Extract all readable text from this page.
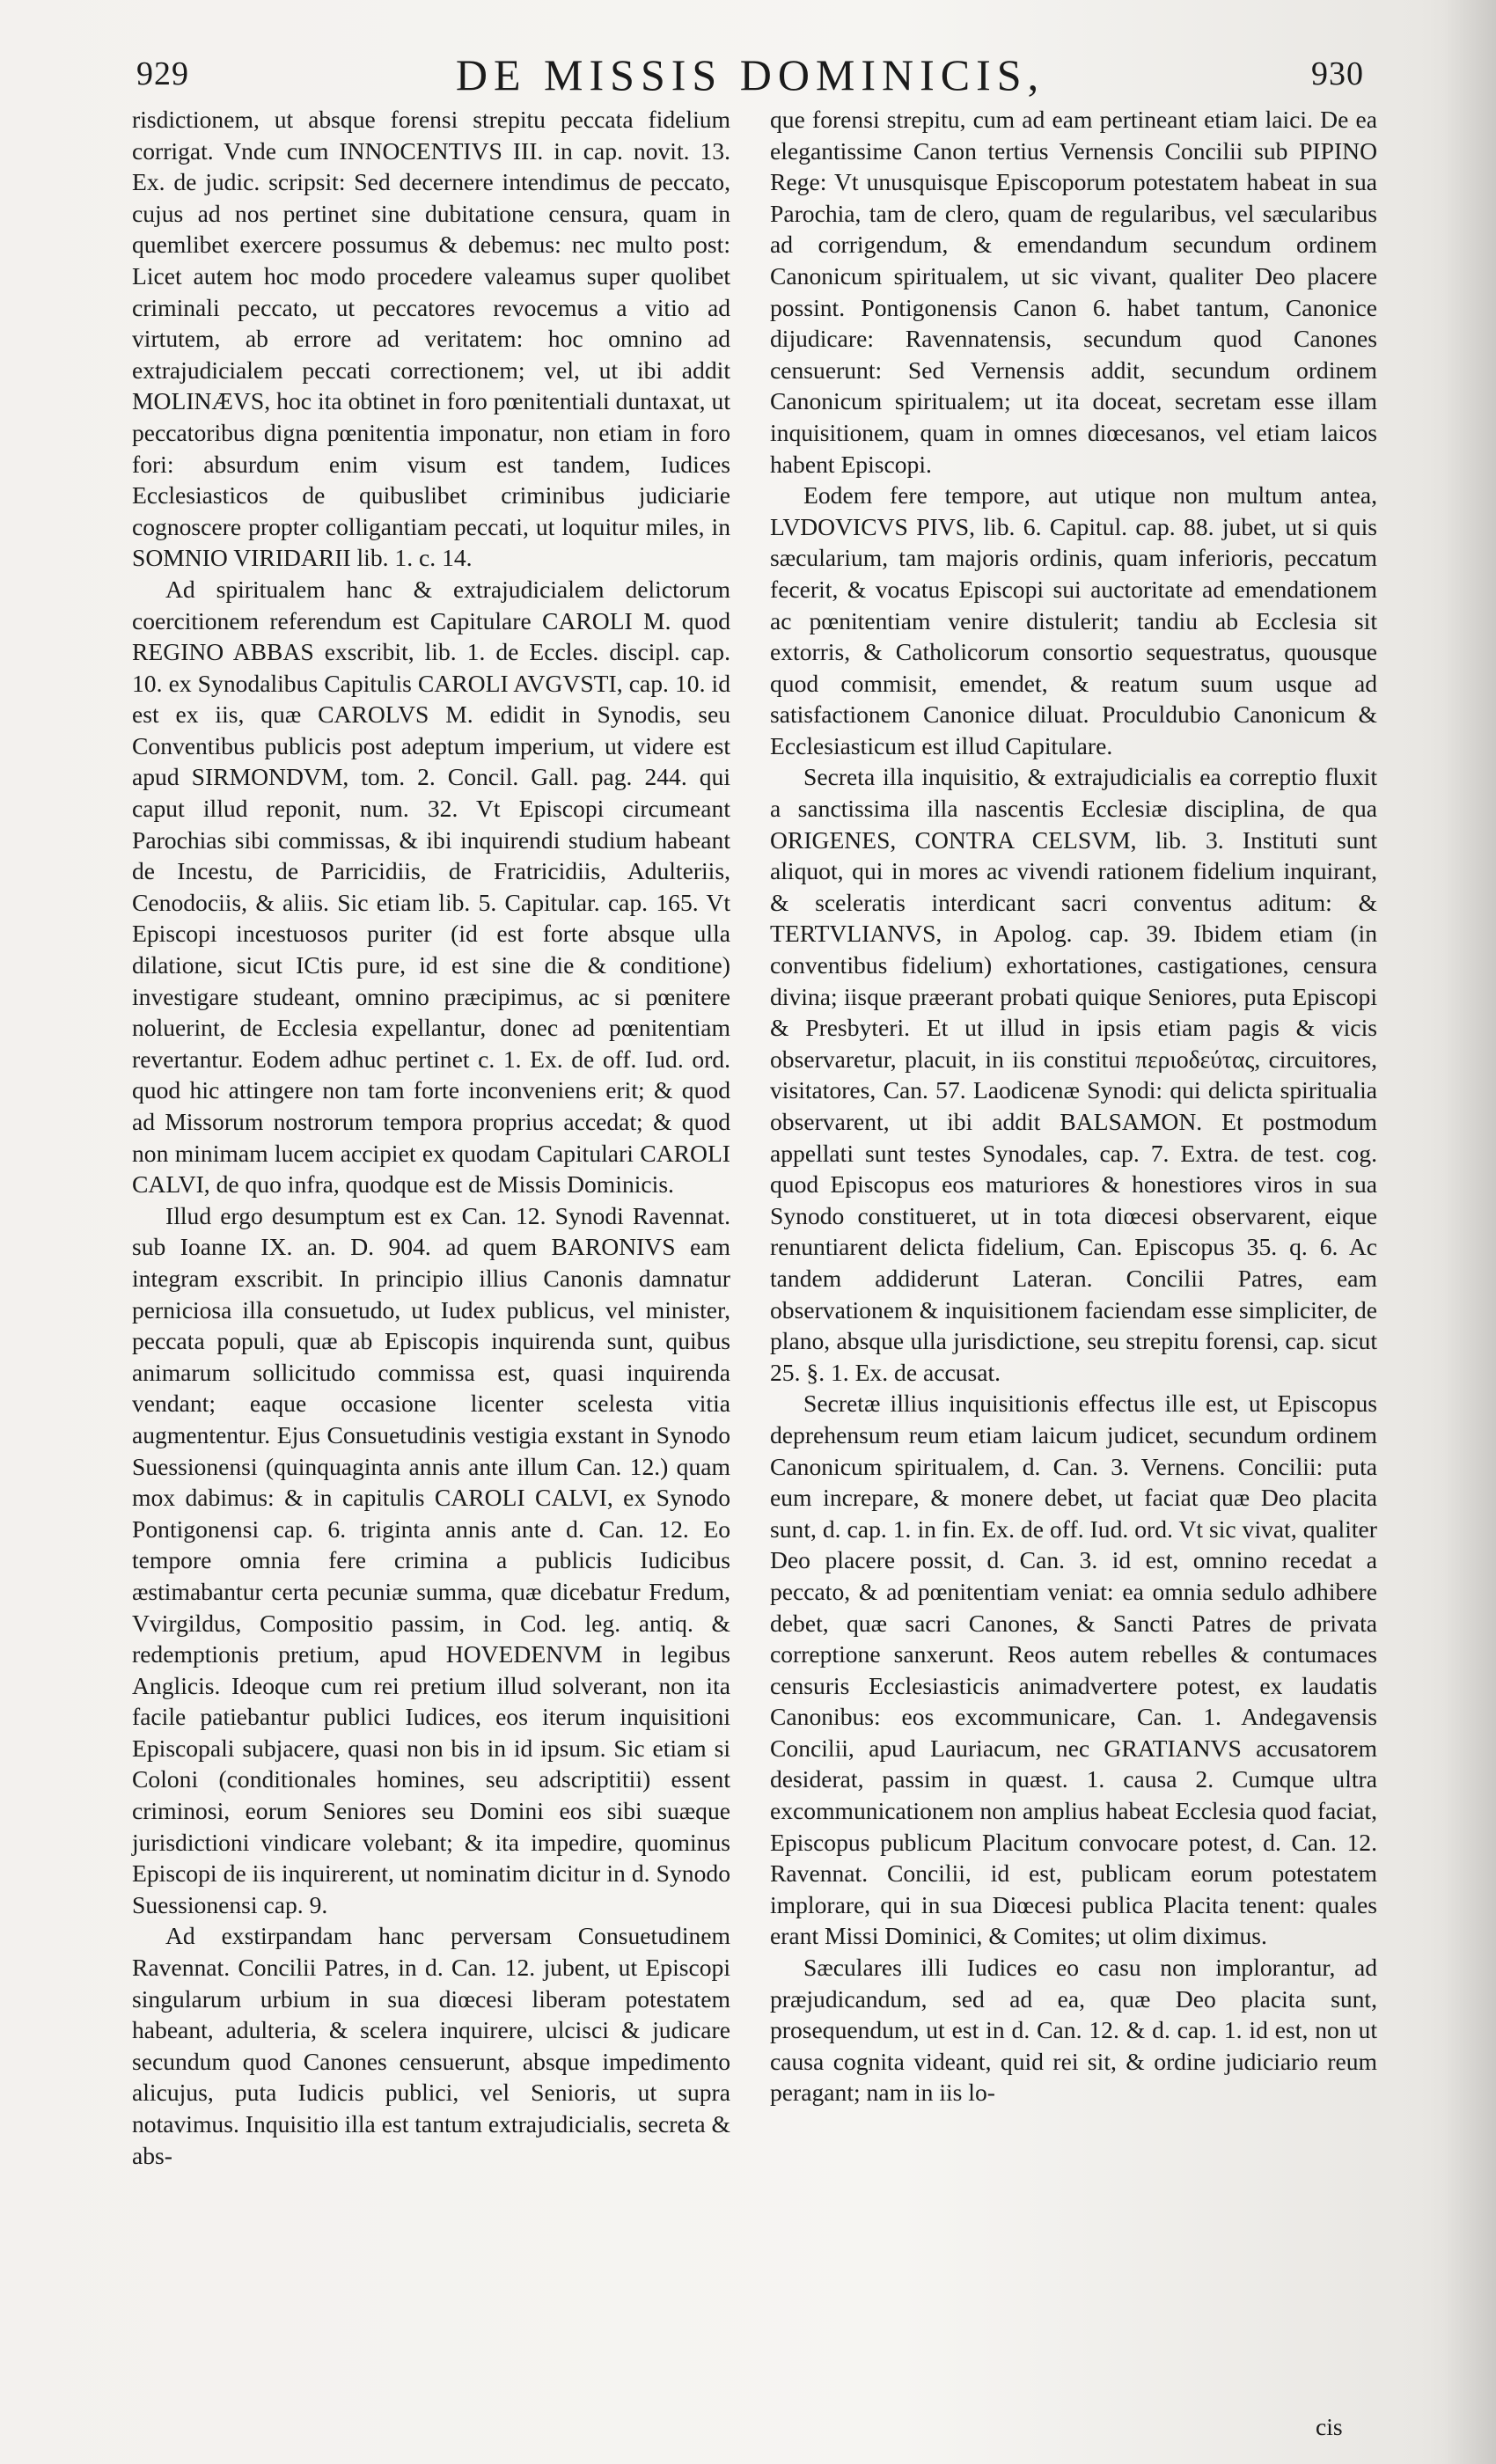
929	DE MISSIS DOMINICIS,	930

risdictionem, ut absque forensi strepitu peccata fidelium corrigat. Vnde cum INNOCENTIVS III. in cap. novit. 13. Ex. de judic. scripsit: Sed decernere intendimus de peccato, cujus ad nos pertinet sine dubitatione censura, quam in quemlibet exercere possumus & debemus: nec multo post: Licet autem hoc modo procedere valeamus super quolibet criminali peccato, ut peccatores revocemus a vitio ad virtutem, ab errore ad veritatem: hoc omnino ad extrajudicialem peccati correctionem; vel, ut ibi addit MOLINÆVS, hoc ita obtinet in foro pœnitentiali duntaxat, ut peccatoribus digna pœnitentia imponatur, non etiam in foro fori: absurdum enim visum est tandem, Iudices Ecclesiasticos de quibuslibet criminibus judiciarie cognoscere propter colligantiam peccati, ut loquitur miles, in SOMNIO VIRIDARII lib. 1. c. 14.

Ad spiritualem hanc & extrajudicialem delictorum coercitionem referendum est Capitulare CAROLI M. quod REGINO ABBAS exscribit, lib. 1. de Eccles. discipl. cap. 10. ex Synodalibus Capitulis CAROLI AVGVSTI, cap. 10. id est ex iis, quæ CAROLVS M. edidit in Synodis, seu Conventibus publicis post adeptum imperium, ut videre est apud SIRMONDVM, tom. 2. Concil. Gall. pag. 244. qui caput illud reponit, num. 32. Vt Episcopi circumeant Parochias sibi commissas, & ibi inquirendi studium habeant de Incestu, de Parricidiis, de Fratricidiis, Adulteriis, Cenodociis, & aliis. Sic etiam lib. 5. Capitular. cap. 165. Vt Episcopi incestuosos puriter (id est forte absque ulla dilatione, sicut ICtis pure, id est sine die & conditione) investigare studeant, omnino præcipimus, ac si pœnitere noluerint, de Ecclesia expellantur, donec ad pœnitentiam revertantur. Eodem adhuc pertinet c. 1. Ex. de off. Iud. ord. quod hic attingere non tam forte inconveniens erit; & quod ad Missorum nostrorum tempora proprius accedat; & quod non minimam lucem accipiet ex quodam Capitulari CAROLI CALVI, de quo infra, quodque est de Missis Dominicis.

Illud ergo desumptum est ex Can. 12. Synodi Ravennat. sub Ioanne IX. an. D. 904. ad quem BARONIVS eam integram exscribit. In principio illius Canonis damnatur perniciosa illa consuetudo, ut Iudex publicus, vel minister, peccata populi, quæ ab Episcopis inquirenda sunt, quibus animarum sollicitudo commissa est, quasi inquirenda vendant; eaque occasione licenter scelesta vitia augmententur. Ejus Consuetudinis vestigia exstant in Synodo Suessionensi (quinquaginta annis ante illum Can. 12.) quam mox dabimus: & in capitulis CAROLI CALVI, ex Synodo Pontigonensi cap. 6. triginta annis ante d. Can. 12. Eo tempore omnia fere crimina a publicis Iudicibus æstimabantur certa pecuniæ summa, quæ dicebatur Fredum, Vvirgildus, Compositio passim, in Cod. leg. antiq. & redemptionis pretium, apud HOVEDENVM in legibus Anglicis. Ideoque cum rei pretium illud solverant, non ita facile patiebantur publici Iudices, eos iterum inquisitioni Episcopali subjacere, quasi non bis in id ipsum. Sic etiam si Coloni (conditionales homines, seu adscriptitii) essent criminosi, eorum Seniores seu Domini eos sibi suæque jurisdictioni vindicare volebant; & ita impedire, quominus Episcopi de iis inquirerent, ut nominatim dicitur in d. Synodo Suessionensi cap. 9.

Ad exstirpandam hanc perversam Consuetudinem Ravennat. Concilii Patres, in d. Can. 12. jubent, ut Episcopi singularum urbium in sua diœcesi liberam potestatem habeant, adulteria, & scelera inquirere, ulcisci & judicare secundum quod Canones censuerunt, absque impedimento alicujus, puta Iudicis publici, vel Senioris, ut supra notavimus. Inquisitio illa est tantum extrajudicialis, secreta & abs-

que forensi strepitu, cum ad eam pertineant etiam laici. De ea elegantissime Canon tertius Vernensis Concilii sub PIPINO Rege: Vt unusquisque Episcoporum potestatem habeat in sua Parochia, tam de clero, quam de regularibus, vel sæcularibus ad corrigendum, & emendandum secundum ordinem Canonicum spiritualem, ut sic vivant, qualiter Deo placere possint. Pontigonensis Canon 6. habet tantum, Canonice dijudicare: Ravennatensis, secundum quod Canones censuerunt: Sed Vernensis addit, secundum ordinem Canonicum spiritualem; ut ita doceat, secretam esse illam inquisitionem, quam in omnes diœcesanos, vel etiam laicos habent Episcopi.

Eodem fere tempore, aut utique non multum antea, LVDOVICVS PIVS, lib. 6. Capitul. cap. 88. jubet, ut si quis sæcularium, tam majoris ordinis, quam inferioris, peccatum fecerit, & vocatus Episcopi sui auctoritate ad emendationem ac pœnitentiam venire distulerit; tandiu ab Ecclesia sit extorris, & Catholicorum consortio sequestratus, quousque quod commisit, emendet, & reatum suum usque ad satisfactionem Canonice diluat. Proculdubio Canonicum & Ecclesiasticum est illud Capitulare.

Secreta illa inquisitio, & extrajudicialis ea correptio fluxit a sanctissima illa nascentis Ecclesiæ disciplina, de qua ORIGENES, CONTRA CELSVM, lib. 3. Instituti sunt aliquot, qui in mores ac vivendi rationem fidelium inquirant, & sceleratis interdicant sacri conventus aditum: & TERTVLIANVS, in Apolog. cap. 39. Ibidem etiam (in conventibus fidelium) exhortationes, castigationes, censura divina; iisque præerant probati quique Seniores, puta Episcopi & Presbyteri. Et ut illud in ipsis etiam pagis & vicis observaretur, placuit, in iis constitui περιοδεύτας, circuitores, visitatores, Can. 57. Laodicenæ Synodi: qui delicta spiritualia observarent, ut ibi addit BALSAMON. Et postmodum appellati sunt testes Synodales, cap. 7. Extra. de test. cog. quod Episcopus eos maturiores & honestiores viros in sua Synodo constitueret, ut in tota diœcesi observarent, eique renuntiarent delicta fidelium, Can. Episcopus 35. q. 6. Ac tandem addiderunt Lateran. Concilii Patres, eam observationem & inquisitionem faciendam esse simpliciter, de plano, absque ulla jurisdictione, seu strepitu forensi, cap. sicut 25. §. 1. Ex. de accusat.

Secretæ illius inquisitionis effectus ille est, ut Episcopus deprehensum reum etiam laicum judicet, secundum ordinem Canonicum spiritualem, d. Can. 3. Vernens. Concilii: puta eum increpare, & monere debet, ut faciat quæ Deo placita sunt, d. cap. 1. in fin. Ex. de off. Iud. ord. Vt sic vivat, qualiter Deo placere possit, d. Can. 3. id est, omnino recedat a peccato, & ad pœnitentiam veniat: ea omnia sedulo adhibere debet, quæ sacri Canones, & Sancti Patres de privata correptione sanxerunt. Reos autem rebelles & contumaces censuris Ecclesiasticis animadvertere potest, ex laudatis Canonibus: eos excommunicare, Can. 1. Andegavensis Concilii, apud Lauriacum, nec GRATIANVS accusatorem desiderat, passim in quæst. 1. causa 2. Cumque ultra excommunicationem non amplius habeat Ecclesia quod faciat, Episcopus publicum Placitum convocare potest, d. Can. 12. Ravennat. Concilii, id est, publicam eorum potestatem implorare, qui in sua Diœcesi publica Placita tenent: quales erant Missi Dominici, & Comites; ut olim diximus.

Sæculares illi Iudices eo casu non implorantur, ad præjudicandum, sed ad ea, quæ Deo placita sunt, prosequendum, ut est in d. Can. 12. & d. cap. 1. id est, non ut causa cognita videant, quid rei sit, & ordine judiciario reum peragant; nam in iis lo-

cis
